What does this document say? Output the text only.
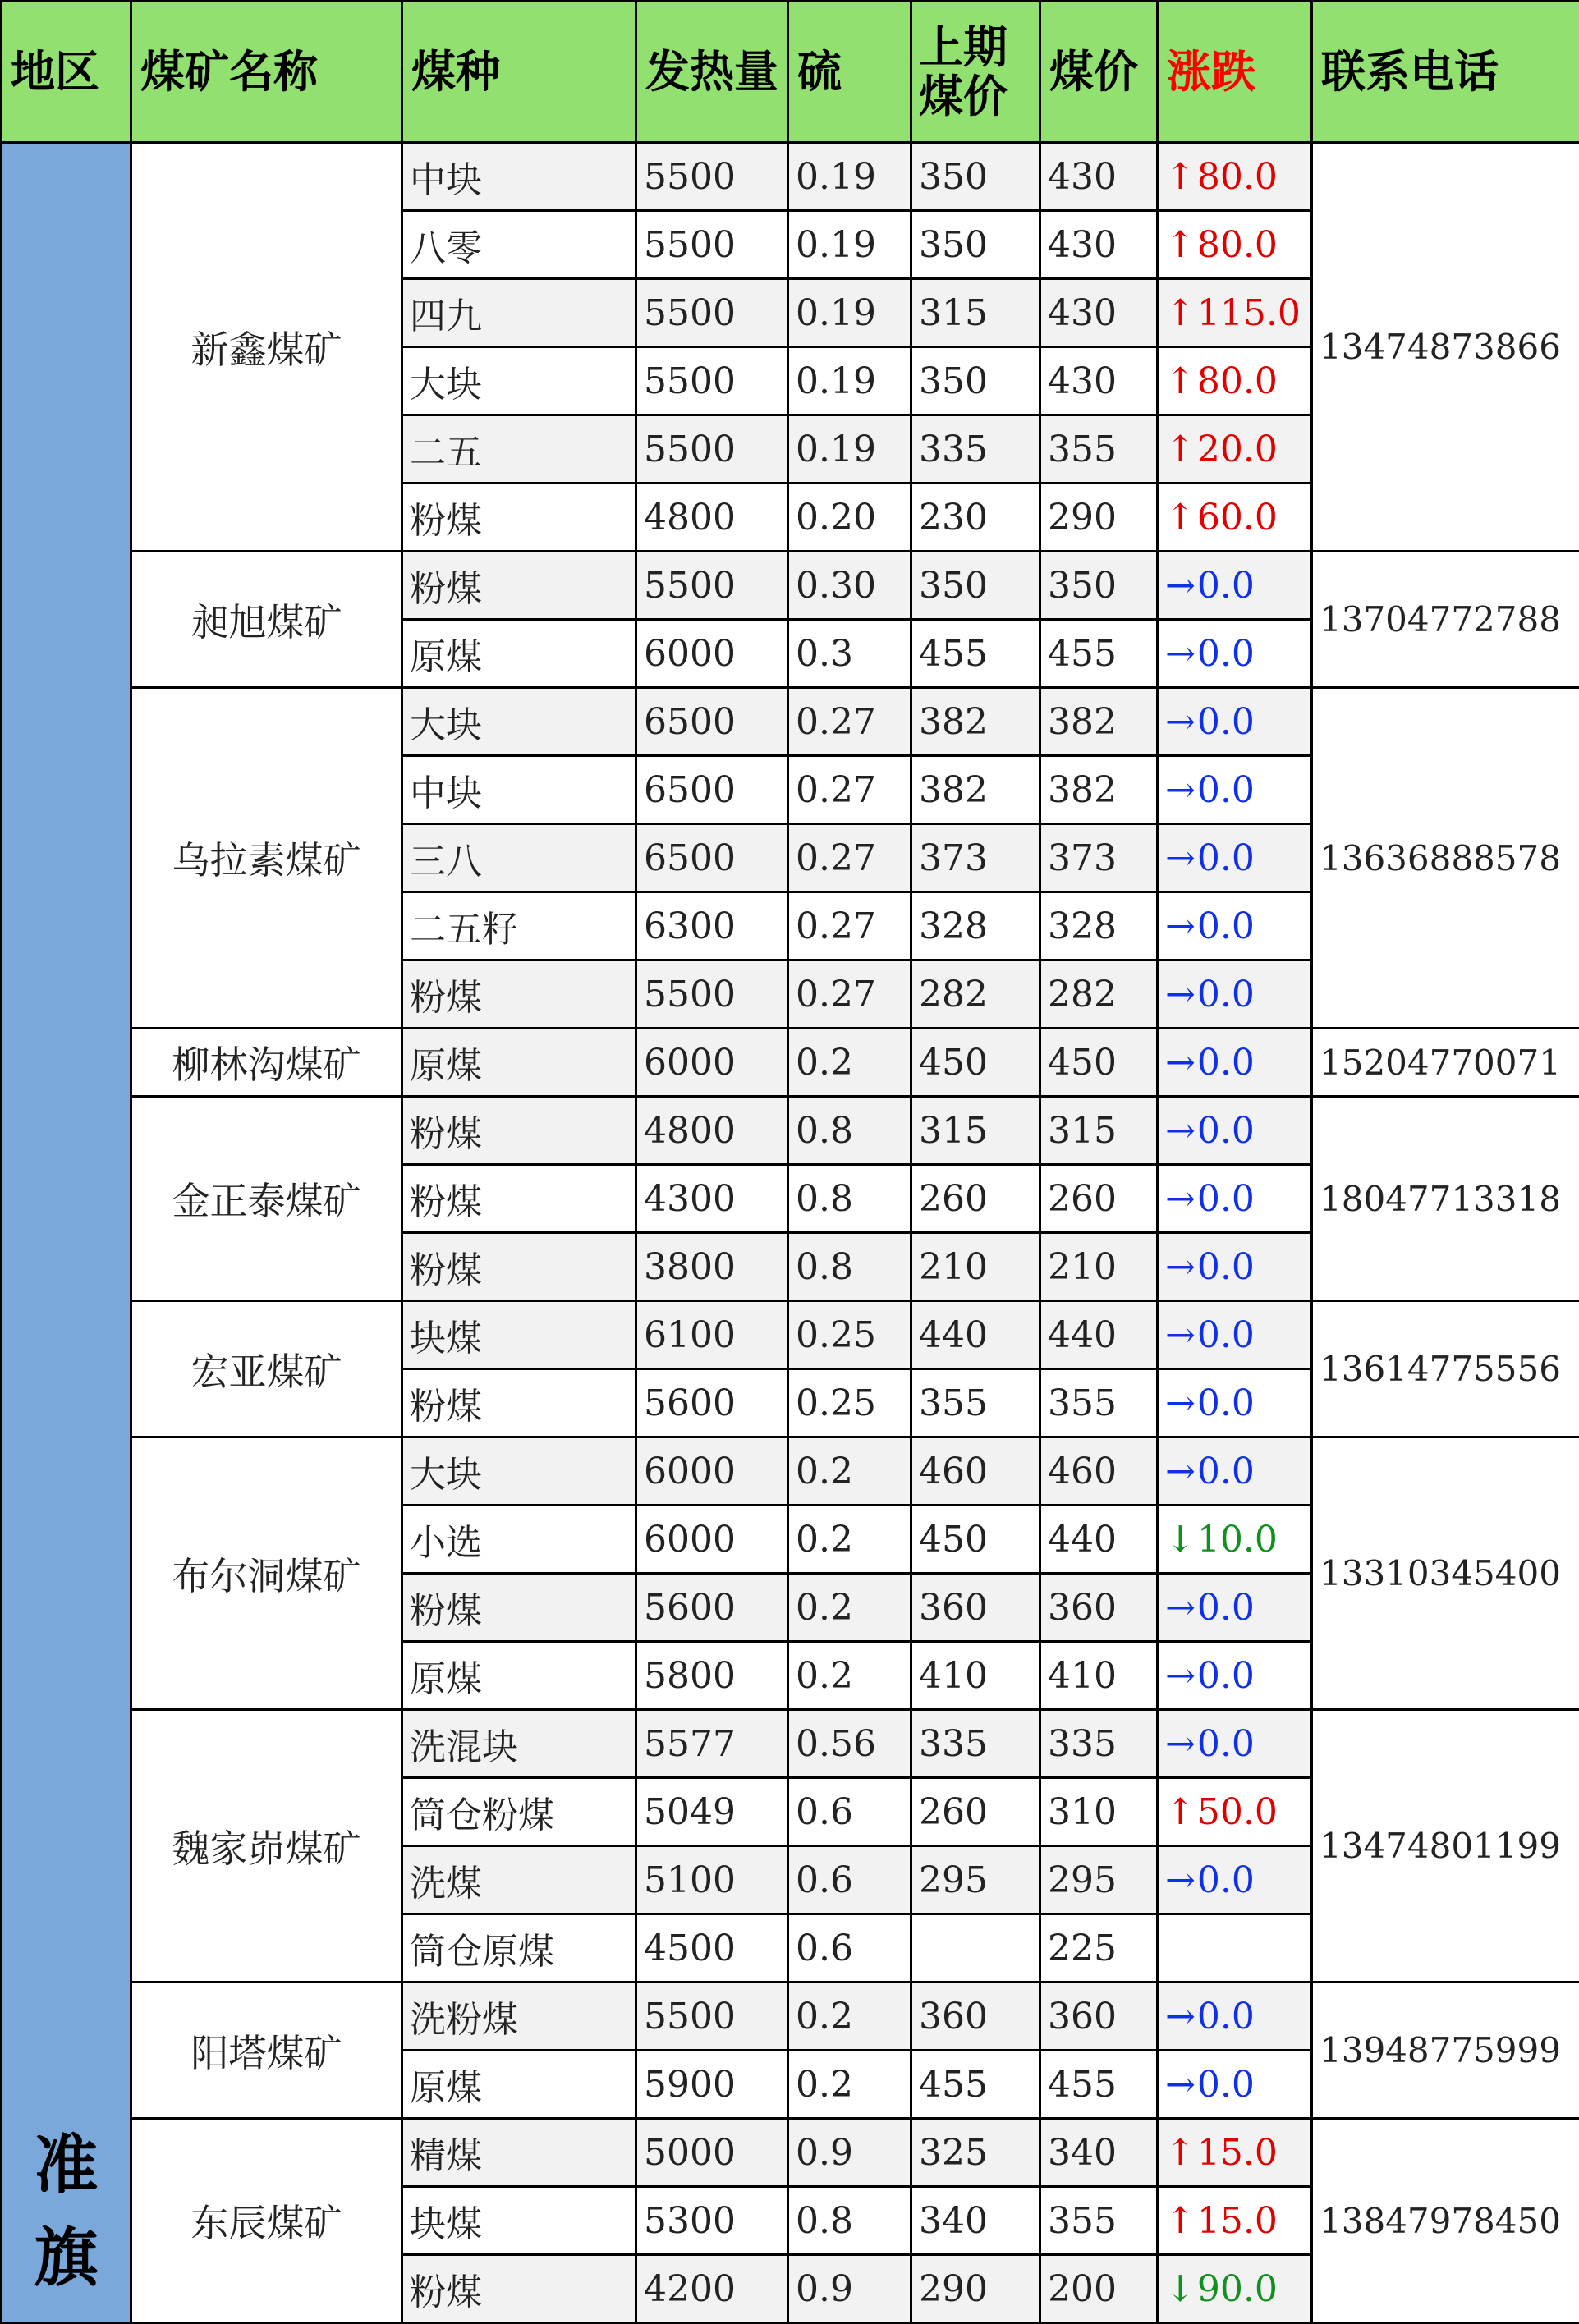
地区	煤矿名称	煤种	发热量	硫	上期煤价	煤价	涨跌	联系电话

准
旗	新鑫煤矿	中块	5500	0.19	350	430	↑80.0	13474873866
		八零	5500	0.19	350	430	↑80.0	
		四九	5500	0.19	315	430	↑115.0	
		大块	5500	0.19	350	430	↑80.0	
		二五	5500	0.19	335	355	↑20.0	
		粉煤	4800	0.20	230	290	↑60.0	
	昶旭煤矿	粉煤	5500	0.30	350	350	→0.0	13704772788
		原煤	6000	0.3	455	455	→0.0	
	乌拉素煤矿	大块	6500	0.27	382	382	→0.0	13636888578
		中块	6500	0.27	382	382	→0.0	
		三八	6500	0.27	373	373	→0.0	
		二五籽	6300	0.27	328	328	→0.0	
		粉煤	5500	0.27	282	282	→0.0	
	柳林沟煤矿	原煤	6000	0.2	450	450	→0.0	15204770071
	金正泰煤矿	粉煤	4800	0.8	315	315	→0.0	18047713318
		粉煤	4300	0.8	260	260	→0.0	
		粉煤	3800	0.8	210	210	→0.0	
	宏亚煤矿	块煤	6100	0.25	440	440	→0.0	13614775556
		粉煤	5600	0.25	355	355	→0.0	
	布尔洞煤矿	大块	6000	0.2	460	460	→0.0	13310345400
		小选	6000	0.2	450	440	↓10.0	
		粉煤	5600	0.2	360	360	→0.0	
		原煤	5800	0.2	410	410	→0.0	
	魏家峁煤矿	洗混块	5577	0.56	335	335	→0.0	13474801199
		筒仓粉煤	5049	0.6	260	310	↑50.0	
		洗煤	5100	0.6	295	295	→0.0	
		筒仓原煤	4500	0.6		225		
	阳塔煤矿	洗粉煤	5500	0.2	360	360	→0.0	13948775999
		原煤	5900	0.2	455	455	→0.0	
	东辰煤矿	精煤	5000	0.9	325	340	↑15.0	13847978450
		块煤	5300	0.8	340	355	↑15.0	
		粉煤	4200	0.9	290	200	↓90.0	
